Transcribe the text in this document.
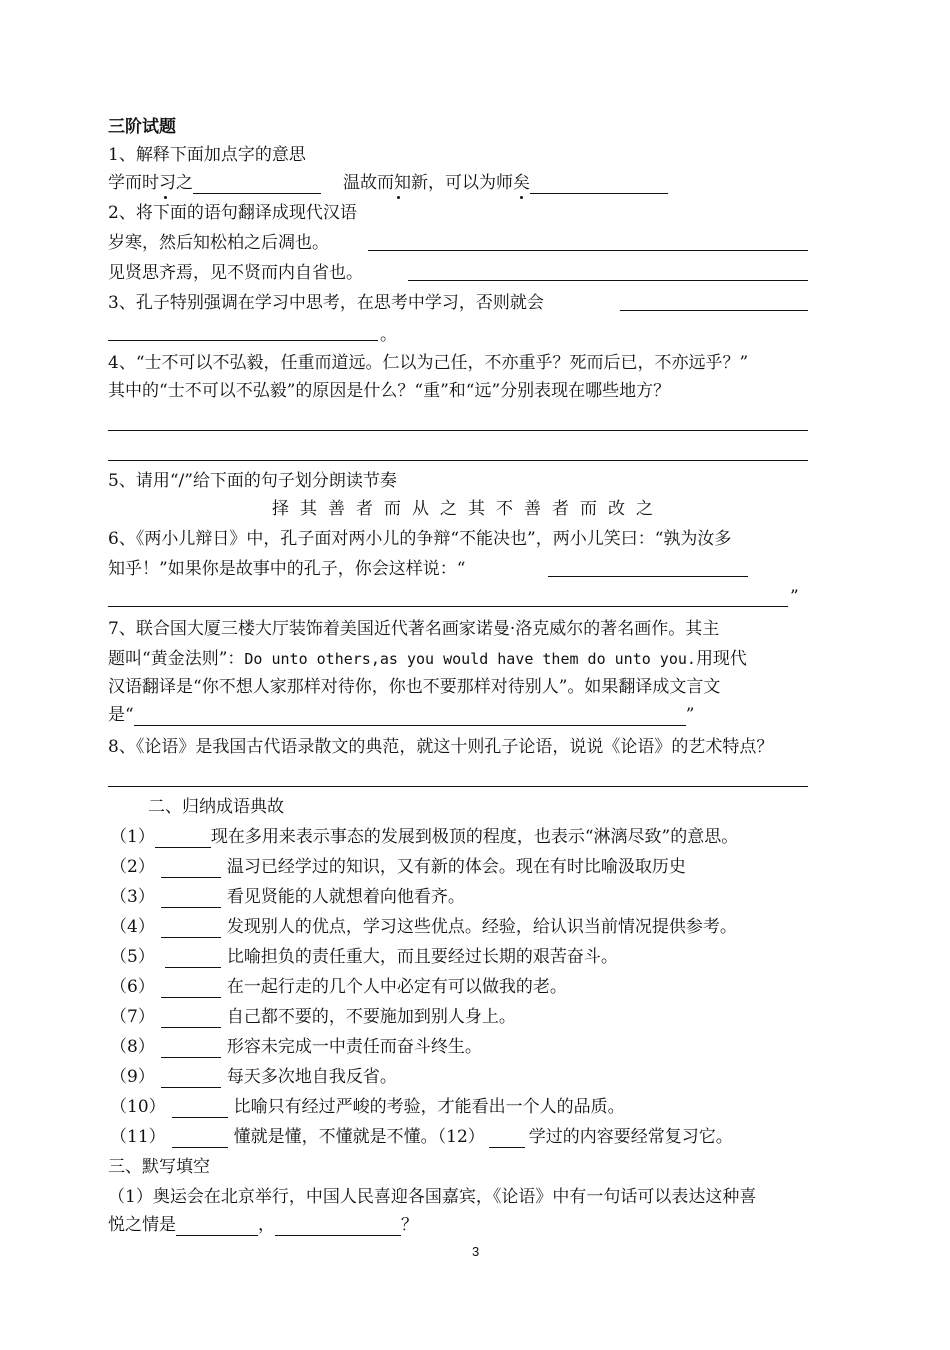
三阶试题
1、解释下面加点字的意思
学而时习之	温故而知新，可以为师矣
2、将下面的语句翻译成现代汉语
岁寒，然后知松柏之后凋也。
见贤思齐焉，见不贤而内自省也。
3、孔子特别强调在学习中思考，在思考中学习，否则就会
。
4、“士不可以不弘毅，任重而道远。仁以为己任，不亦重乎？死而后已，不亦远乎？”
其中的“士不可以不弘毅”的原因是什么？“重”和“远”分别表现在哪些地方？
5、请用“/”给下面的句子划分朗读节奏
择其善者而从之其不善者而改之
6、《两小儿辩日》中，孔子面对两小儿的争辩“不能决也”，两小儿笑曰：“孰为汝多
知乎！”如果你是故事中的孔子，你会这样说：“
”
7、联合国大厦三楼大厅装饰着美国近代著名画家诺曼·洛克威尔的著名画作。其主
题叫“黄金法则”：Do unto others,as you would have them do unto you.用现代
汉语翻译是“你不想人家那样对待你，你也不要那样对待别人”。如果翻译成文言文
是“	”
8、《论语》是我国古代语录散文的典范，就这十则孔子论语，说说《论语》的艺术特点？
二、归纳成语典故
（1）	现在多用来表示事态的发展到极顶的程度，也表示“淋漓尽致”的意思。
（2）	温习已经学过的知识，又有新的体会。现在有时比喻汲取历史
（3）	看见贤能的人就想着向他看齐。
（4）	发现别人的优点，学习这些优点。经验，给认识当前情况提供参考。
（5）	比喻担负的责任重大，而且要经过长期的艰苦奋斗。
（6）	在一起行走的几个人中必定有可以做我的老。
（7）	自己都不要的，不要施加到别人身上。
（8）	形容未完成一中责任而奋斗终生。
（9）	每天多次地自我反省。
（10）	比喻只有经过严峻的考验，才能看出一个人的品质。
（11）	懂就是懂，不懂就是不懂。（12）	学过的内容要经常复习它。
三、默写填空
（1）奥运会在北京举行，中国人民喜迎各国嘉宾，《论语》中有一句话可以表达这种喜
悦之情是	，	？
3
